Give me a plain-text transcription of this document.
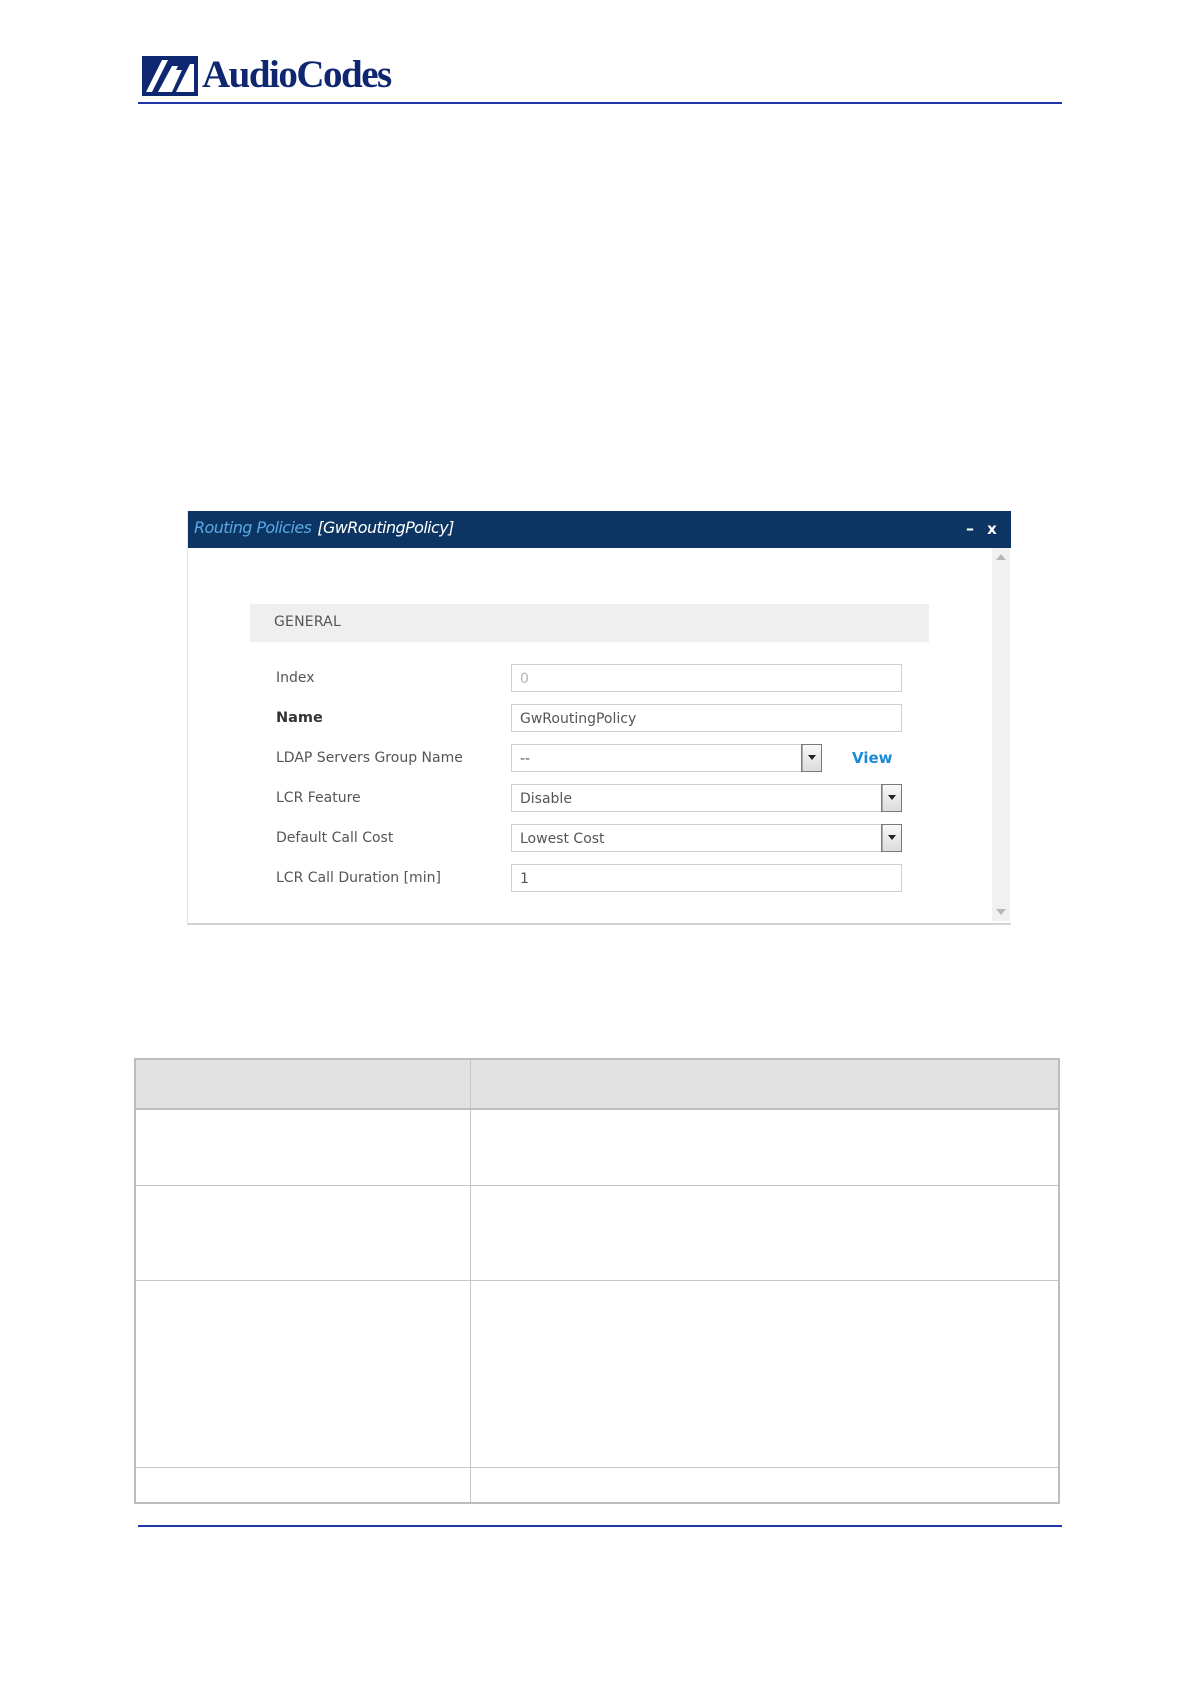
AudioCodes
Routing Policies [GwRoutingPolicy]	– x
GENERAL
Index	0
Name	GwRoutingPolicy
LDAP Servers Group Name	--	View
LCR Feature	Disable
Default Call Cost	Lowest Cost
LCR Call Duration [min]	1
